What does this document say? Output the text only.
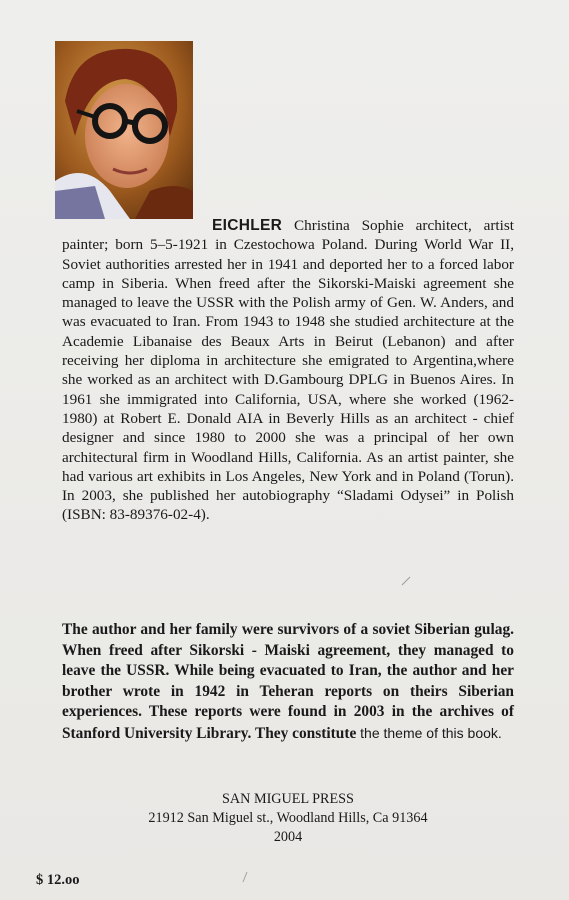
EICHLER Christina Sophie architect, artist painter; born 5–5-1921 in Czestochowa Poland. During World War II, Soviet authorities arrested her in 1941 and deported her to a forced labor camp in Siberia. When freed after the Sikorski-Maiski agreement she managed to leave the USSR with the Polish army of Gen. W. Anders, and was evacuated to Iran. From 1943 to 1948 she studied architecture at the Academie Libanaise des Beaux Arts in Beirut (Lebanon) and after receiving her diploma in architecture she emigrated to Argentina,where she worked as an architect with D.Gambourg DPLG in Buenos Aires. In 1961 she immigrated into California, USA, where she worked (1962-1980) at Robert E. Donald AIA in Beverly Hills as an architect - chief designer and since 1980 to 2000 she was a principal of her own architectural firm in Woodland Hills, California. As an artist painter, she had various art exhibits in Los Angeles, New York and in Poland (Torun). In 2003, she published her autobiography “Sladami Odysei” in Polish (ISBN: 83-89376-02-4).

The author and her family were survivors of a soviet Siberian gulag. When freed after Sikorski - Maiski agreement, they managed to leave the USSR. While being evacuated to Iran, the author and her brother wrote in 1942 in Teheran reports on theirs Siberian experiences. These reports were found in 2003 in the archives of Stanford University Library. They constitute the theme of this book.

SAN MIGUEL PRESS
21912 San Miguel st., Woodland Hills, Ca 91364
2004
$ 12.oo
